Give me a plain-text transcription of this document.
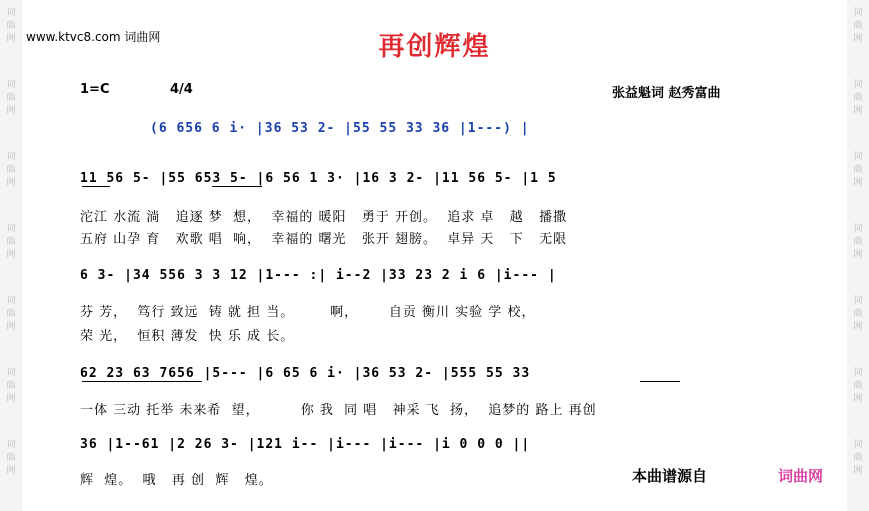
词
曲
网
词
曲
网
词
曲
网
词
曲
网
词
曲
网
词
曲
网
词
曲
网
词
曲
网
词
曲
网
词
曲
网
词
曲
网
词
曲
网
词
曲
网
词
曲
网
www.ktvc8.com 词曲网	再创辉煌
1=C	4/4	张益魁词 赵秀富曲
(6 656 6 i· |36 53 2- |55 55 33 36 |1---) |
11 56 5- |55 653 5- |6 56 1 3· |16 3 2- |11 56 5- |1 5
沱江 水流 淌   追逐 梦  想，  幸福的 暖阳   勇于 开创。  追求 卓   越   播撒
五府 山孕 育   欢歌 唱  响，  幸福的 曙光   张开 翅膀。  卓异 天   下   无限
6 3- |34 556 3 3 12 |1--- :| i--2 |33 23 2 i 6 |i--- |
芬 芳，  笃行 致远  铸 就 担 当。       啊，      自贡 衡川 实验 学 校，
荣 光，  恒积 薄发  快 乐 成 长。
62 23 63 7656 |5--- |6 65 6 i· |36 53 2- |555 55 33
一体 三动 托举 未来希  望，        你 我  同 唱   神采 飞  扬，  追梦的 路上 再创
36 |1--61 |2 26 3- |121 i-- |i--- |i--- |i 0 0 0 ||
辉  煌。  哦   再 创  辉   煌。	本曲谱源自	词曲网
